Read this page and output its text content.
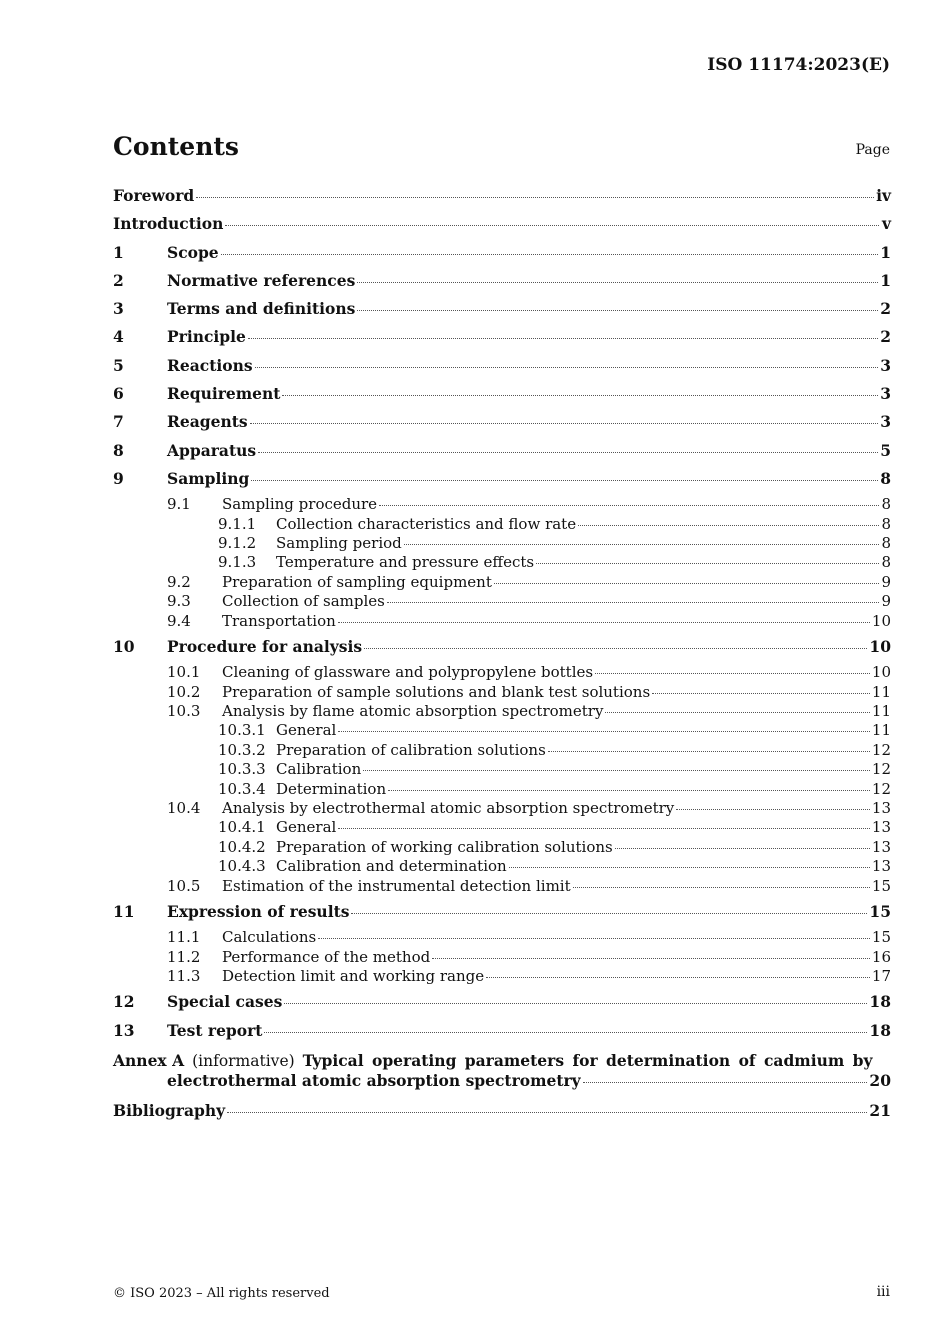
ISO 11174:2023(E)
Contents	Page
Foreword	iv
Introduction	v
1	Scope	1
2	Normative references	1
3	Terms and definitions	2
4	Principle	2
5	Reactions	3
6	Requirement	3
7	Reagents	3
8	Apparatus	5
9	Sampling	8
9.1	Sampling procedure	8
9.1.1	Collection characteristics and flow rate	8
9.1.2	Sampling period	8
9.1.3	Temperature and pressure effects	8
9.2	Preparation of sampling equipment	9
9.3	Collection of samples	9
9.4	Transportation	10
10	Procedure for analysis	10
10.1	Cleaning of glassware and polypropylene bottles	10
10.2	Preparation of sample solutions and blank test solutions	11
10.3	Analysis by flame atomic absorption spectrometry	11
10.3.1 General	11
10.3.2 Preparation of calibration solutions	12
10.3.3 Calibration	12
10.3.4 Determination	12
10.4	Analysis by electrothermal atomic absorption spectrometry	13
10.4.1 General	13
10.4.2 Preparation of working calibration solutions	13
10.4.3 Calibration and determination	13
10.5	Estimation of the instrumental detection limit	15
11	Expression of results	15
11.1	Calculations	15
11.2	Performance of the method	16
11.3	Detection limit and working range	17
12	Special cases	18
13	Test report	18
Annex A (informative) Typical operating parameters for determination of cadmium by
electrothermal atomic absorption spectrometry	20
Bibliography	21
© ISO 2023 – All rights reserved	iii
